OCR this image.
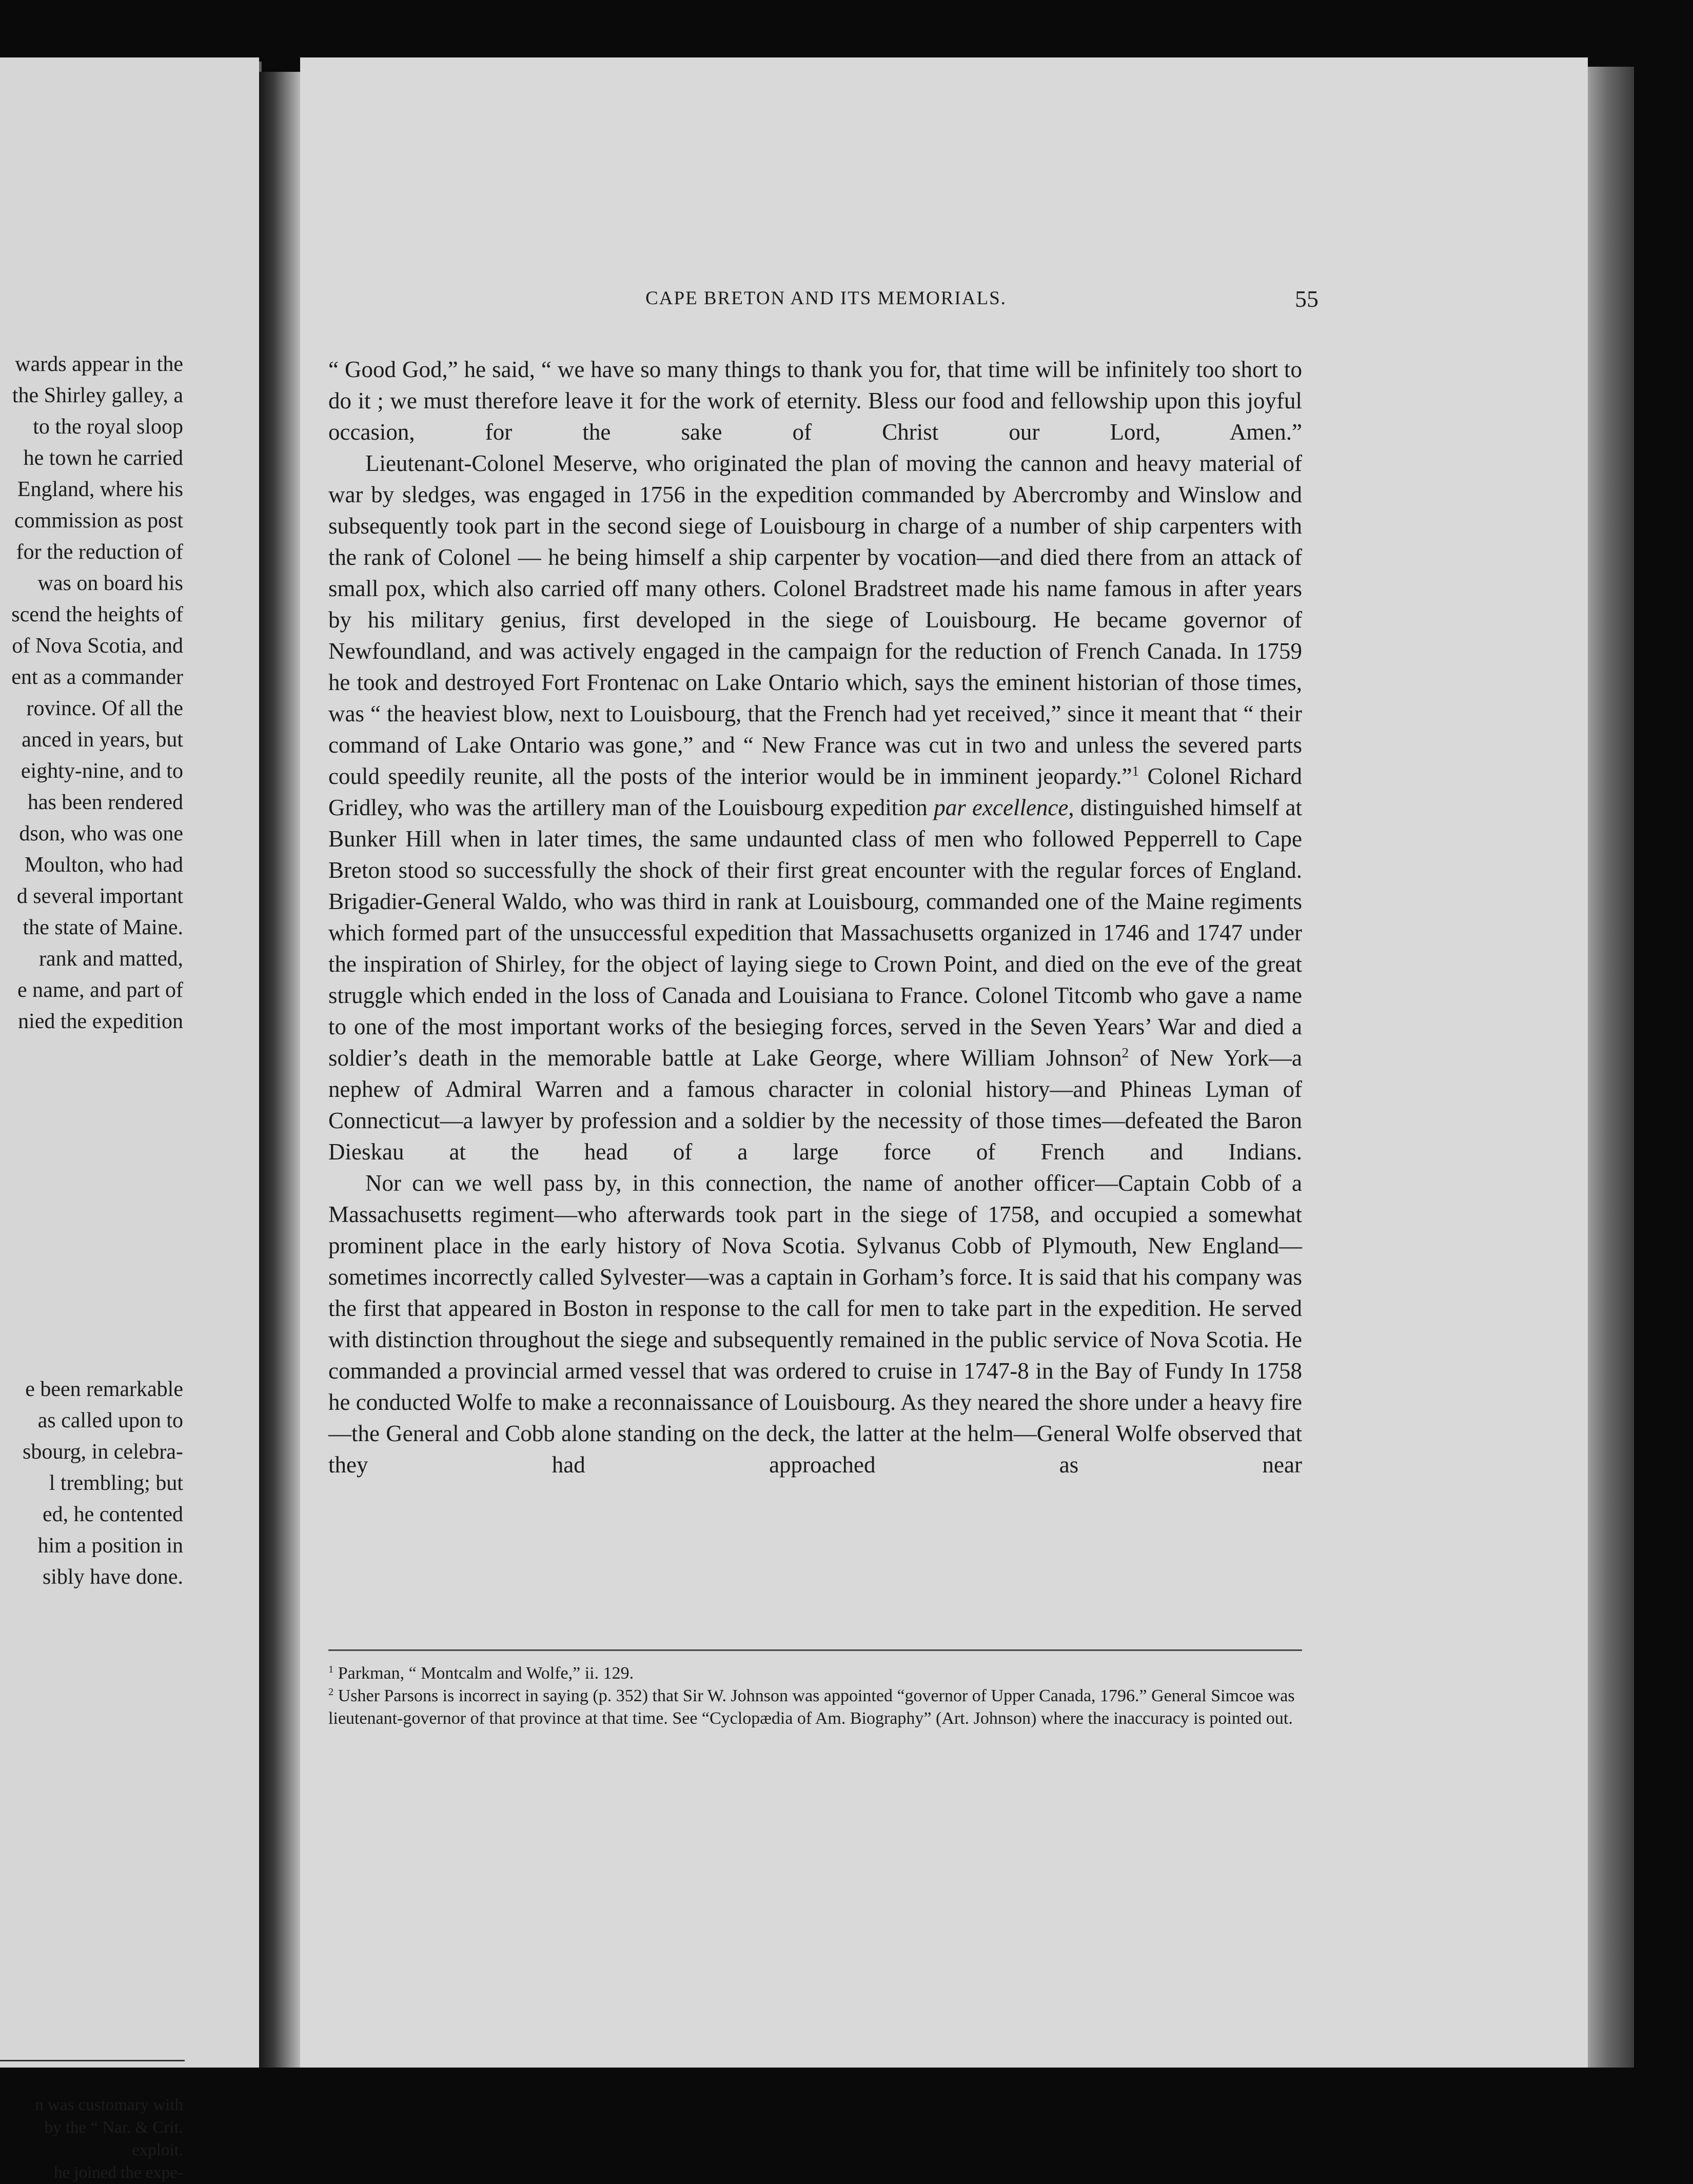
wards appear in the
the Shirley galley, a
to the royal sloop
he town he carried
England, where his
commission as post
for the reduction of
was on board his
scend the heights of
of Nova Scotia, and
ent as a commander
rovince. Of all the
anced in years, but
eighty-nine, and to
has been rendered
dson, who was one
Moulton, who had
d several important
the state of Maine.
rank and matted,
e name, and part of
nied the expedition
e been remarkable
as called upon to
sbourg, in celebra-
l trembling; but
ed, he contented
him a position in
sibly have done.
n was customary with
by the “ Nar. & Crit.
exploit.
he joined the expe-
CAPE BRETON AND ITS MEMORIALS.	55

“ Good God,” he said, “ we have so many things to thank you for, that time will be infinitely too short to do it ; we must therefore leave it for the work of eternity. Bless our food and fellowship upon this joyful occasion, for the sake of Christ our Lord, Amen.”

Lieutenant-Colonel Meserve, who originated the plan of moving the cannon and heavy material of war by sledges, was engaged in 1756 in the expedition commanded by Abercromby and Winslow and subsequently took part in the second siege of Louisbourg in charge of a number of ship carpenters with the rank of Colonel — he being himself a ship carpenter by vocation—and died there from an attack of small pox, which also carried off many others. Colonel Bradstreet made his name famous in after years by his military genius, first developed in the siege of Louisbourg. He became governor of Newfoundland, and was actively engaged in the campaign for the reduction of French Canada. In 1759 he took and destroyed Fort Frontenac on Lake Ontario which, says the eminent historian of those times, was “ the heaviest blow, next to Louisbourg, that the French had yet received,” since it meant that “ their command of Lake Ontario was gone,” and “ New France was cut in two and unless the severed parts could speedily reunite, all the posts of the interior would be in imminent jeopardy.”$^1$ Colonel Richard Gridley, who was the artillery man of the Louisbourg expedition par excellence, distinguished himself at Bunker Hill when in later times, the same undaunted class of men who followed Pepperrell to Cape Breton stood so successfully the shock of their first great encounter with the regular forces of England. Brigadier-General Waldo, who was third in rank at Louisbourg, commanded one of the Maine regiments which formed part of the unsuccessful expedition that Massachusetts organized in 1746 and 1747 under the inspiration of Shirley, for the object of laying siege to Crown Point, and died on the eve of the great struggle which ended in the loss of Canada and Louisiana to France. Colonel Titcomb who gave a name to one of the most important works of the besieging forces, served in the Seven Years’ War and died a soldier’s death in the memorable battle at Lake George, where William Johnson$^2$ of New York—a nephew of Admiral Warren and a famous character in colonial history—and Phineas Lyman of Connecticut—a lawyer by profession and a soldier by the necessity of those times—defeated the Baron Dieskau at the head of a large force of French and Indians.

Nor can we well pass by, in this connection, the name of another officer—Captain Cobb of a Massachusetts regiment—who afterwards took part in the siege of 1758, and occupied a somewhat prominent place in the early history of Nova Scotia. Sylvanus Cobb of Plymouth, New England—sometimes incorrectly called Sylvester—was a captain in Gorham’s force. It is said that his company was the first that appeared in Boston in response to the call for men to take part in the expedition. He served with distinction throughout the siege and subsequently remained in the public service of Nova Scotia. He commanded a provincial armed vessel that was ordered to cruise in 1747-8 in the Bay of Fundy In 1758 he conducted Wolfe to make a reconnaissance of Louisbourg. As they neared the shore under a heavy fire—the General and Cobb alone standing on the deck, the latter at the helm—General Wolfe observed that they had approached as near

$^1$ Parkman, “ Montcalm and Wolfe,” ii. 129.

$^2$ Usher Parsons is incorrect in saying (p. 352) that Sir W. Johnson was appointed “governor of Upper Canada, 1796.” General Simcoe was lieutenant-governor of that province at that time. See “Cyclopædia of Am. Biography” (Art. Johnson) where the inaccuracy is pointed out.
